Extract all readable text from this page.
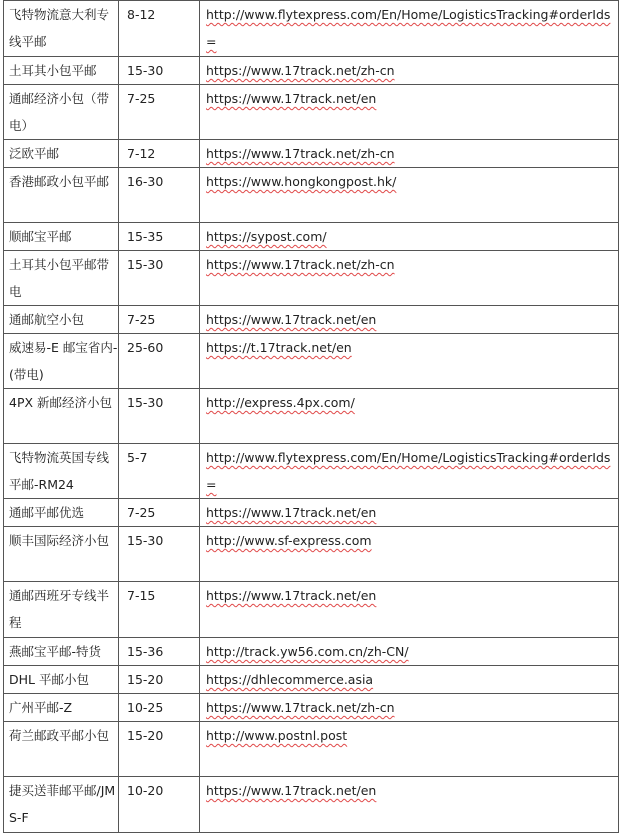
飞特物流意大利专线平邮	8-12	http://www.flytexpress.com/En/Home/LogisticsTracking#orderIds=
土耳其小包平邮	15-30	https://www.17track.net/zh-cn
通邮经济小包（带电）	7-25	https://www.17track.net/en
泛欧平邮	7-12	https://www.17track.net/zh-cn
香港邮政小包平邮	16-30	https://www.hongkongpost.hk/
顺邮宝平邮	15-35	https://sypost.com/
土耳其小包平邮带电	15-30	https://www.17track.net/zh-cn
通邮航空小包	7-25	https://www.17track.net/en
威速易-E 邮宝省内-(带电)	25-60	https://t.17track.net/en
4PX 新邮经济小包	15-30	http://express.4px.com/
飞特物流英国专线平邮-RM24	5-7	http://www.flytexpress.com/En/Home/LogisticsTracking#orderIds=
通邮平邮优选	7-25	https://www.17track.net/en
顺丰国际经济小包	15-30	http://www.sf-express.com
通邮西班牙专线半程	7-15	https://www.17track.net/en
燕邮宝平邮-特货	15-36	http://track.yw56.com.cn/zh-CN/
DHL 平邮小包	15-20	https://dhlecommerce.asia
广州平邮-Z	10-25	https://www.17track.net/zh-cn
荷兰邮政平邮小包	15-20	http://www.postnl.post
捷买送菲邮平邮/JMS-F	10-20	https://www.17track.net/en
